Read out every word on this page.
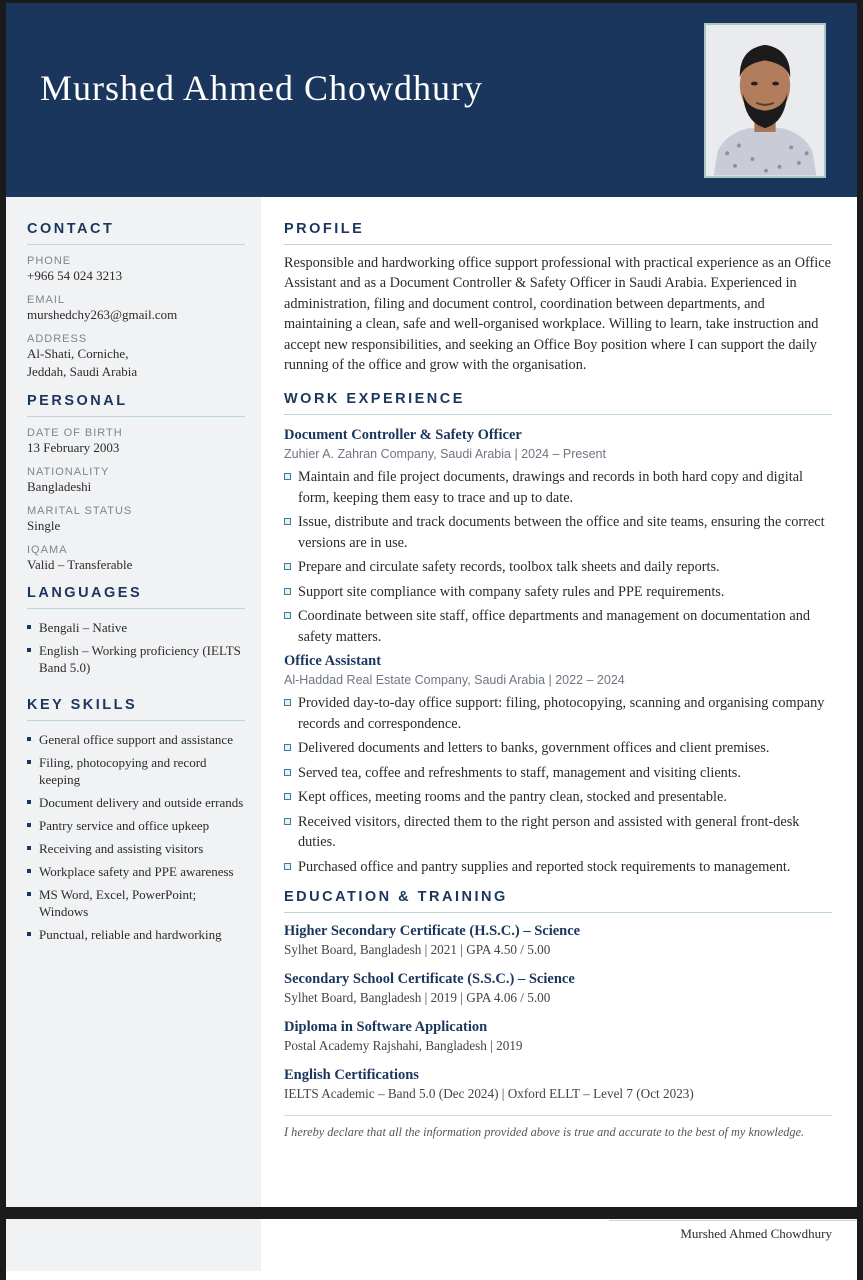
Murshed Ahmed Chowdhury
CONTACT
PHONE
+966 54 024 3213
EMAIL
murshedchy263@gmail.com
ADDRESS
Al-Shati, Corniche,
Jeddah, Saudi Arabia
PERSONAL
DATE OF BIRTH
13 February 2003
NATIONALITY
Bangladeshi
MARITAL STATUS
Single
IQAMA
Valid – Transferable
LANGUAGES
Bengali – Native
English – Working proficiency (IELTS Band 5.0)
KEY SKILLS
General office support and assistance
Filing, photocopying and record keeping
Document delivery and outside errands
Pantry service and office upkeep
Receiving and assisting visitors
Workplace safety and PPE awareness
MS Word, Excel, PowerPoint; Windows
Punctual, reliable and hardworking
PROFILE

Responsible and hardworking office support professional with practical experience as an Office Assistant and as a Document Controller & Safety Officer in Saudi Arabia. Experienced in administration, filing and document control, coordination between departments, and maintaining a clean, safe and well-organised workplace. Willing to learn, take instruction and accept new responsibilities, and seeking an Office Boy position where I can support the daily running of the office and grow with the organisation.

WORK EXPERIENCE
Document Controller & Safety Officer
Zuhier A. Zahran Company, Saudi Arabia | 2024 – Present
Maintain and file project documents, drawings and records in both hard copy and digital form, keeping them easy to trace and up to date.
Issue, distribute and track documents between the office and site teams, ensuring the correct versions are in use.
Prepare and circulate safety records, toolbox talk sheets and daily reports.
Support site compliance with company safety rules and PPE requirements.
Coordinate between site staff, office departments and management on documentation and safety matters.
Office Assistant
Al-Haddad Real Estate Company, Saudi Arabia | 2022 – 2024
Provided day-to-day office support: filing, photocopying, scanning and organising company records and correspondence.
Delivered documents and letters to banks, government offices and client premises.
Served tea, coffee and refreshments to staff, management and visiting clients.
Kept offices, meeting rooms and the pantry clean, stocked and presentable.
Received visitors, directed them to the right person and assisted with general front-desk duties.
Purchased office and pantry supplies and reported stock requirements to management.
EDUCATION & TRAINING
Higher Secondary Certificate (H.S.C.) – Science
Sylhet Board, Bangladesh | 2021 | GPA 4.50 / 5.00
Secondary School Certificate (S.S.C.) – Science
Sylhet Board, Bangladesh | 2019 | GPA 4.06 / 5.00
Diploma in Software Application
Postal Academy Rajshahi, Bangladesh | 2019
English Certifications
IELTS Academic – Band 5.0 (Dec 2024) | Oxford ELLT – Level 7 (Oct 2023)

I hereby declare that all the information provided above is true and accurate to the best of my knowledge.

Murshed Ahmed Chowdhury
